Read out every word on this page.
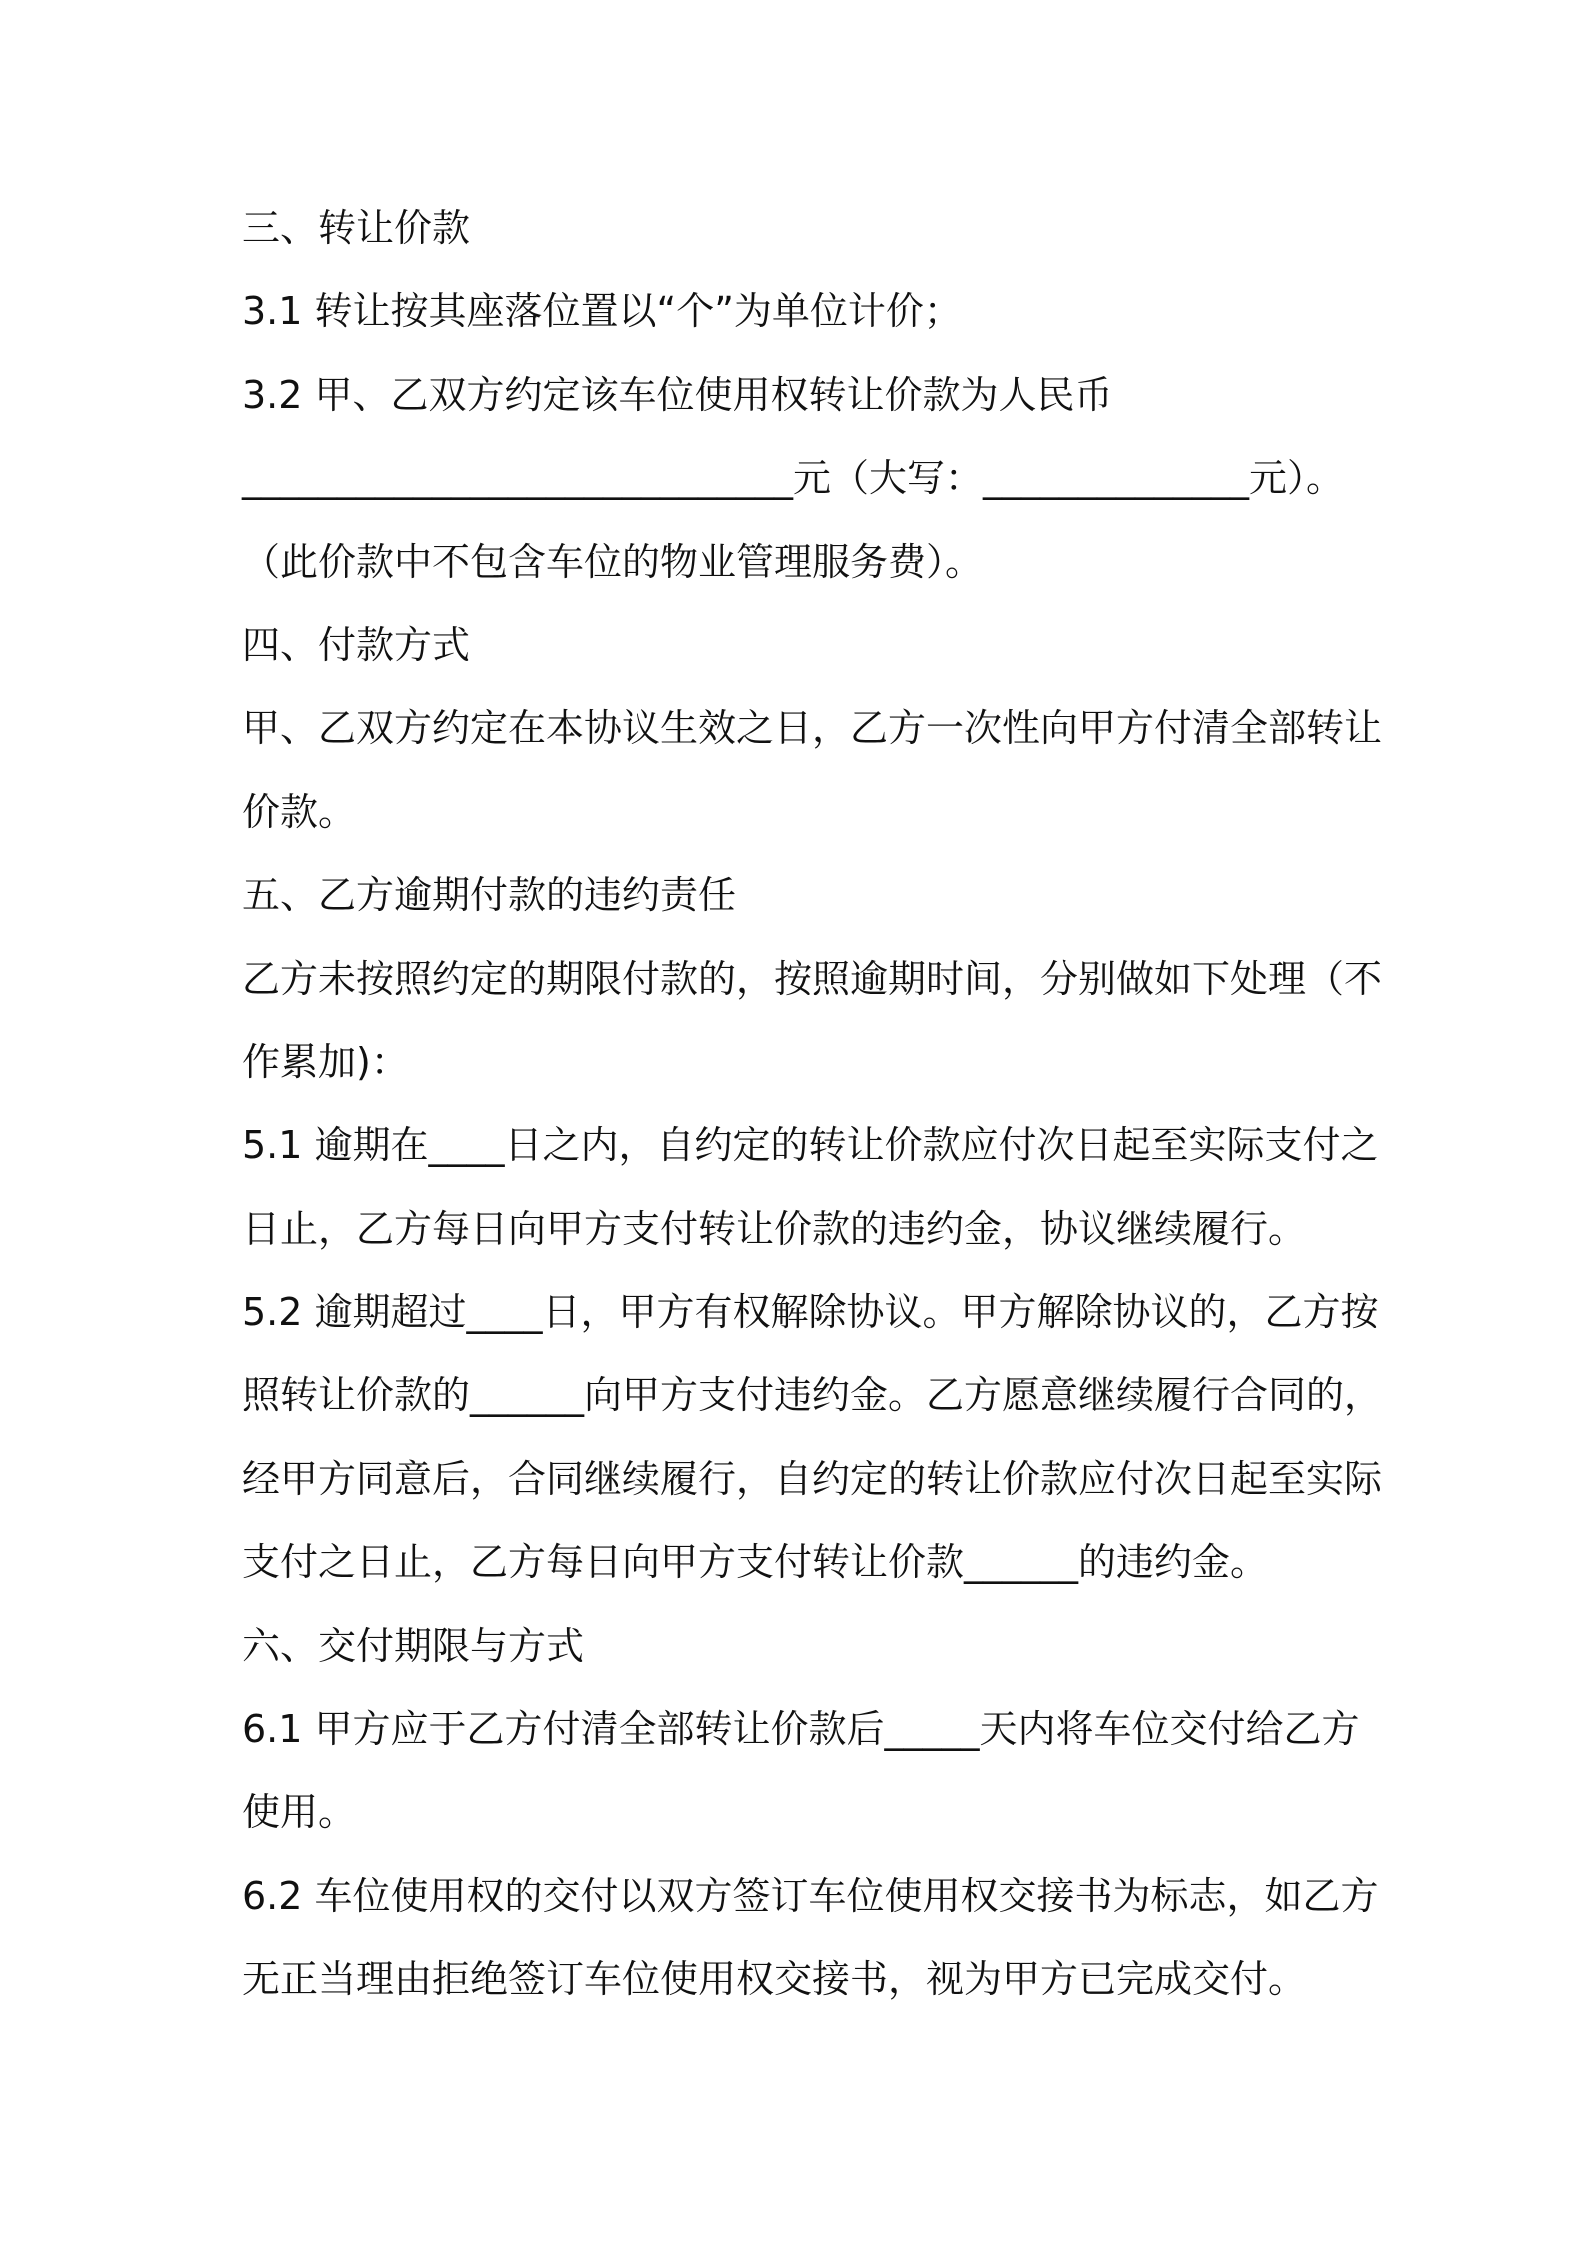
三、转让价款
3.1 转让按其座落位置以“个”为单位计价；
3.2 甲、乙双方约定该车位使用权转让价款为人民币
_____________________________元（大写：______________元）。
（此价款中不包含车位的物业管理服务费）。
四、付款方式
甲、乙双方约定在本协议生效之日，乙方一次性向甲方付清全部转让
价款。
五、乙方逾期付款的违约责任
乙方未按照约定的期限付款的，按照逾期时间，分别做如下处理（不
作累加)：
5.1 逾期在____日之内，自约定的转让价款应付次日起至实际支付之
日止，乙方每日向甲方支付转让价款的违约金，协议继续履行。
5.2 逾期超过____日，甲方有权解除协议。甲方解除协议的，乙方按
照转让价款的______向甲方支付违约金。乙方愿意继续履行合同的，
经甲方同意后，合同继续履行，自约定的转让价款应付次日起至实际
支付之日止，乙方每日向甲方支付转让价款______的违约金。
六、交付期限与方式
6.1 甲方应于乙方付清全部转让价款后_____天内将车位交付给乙方
使用。
6.2 车位使用权的交付以双方签订车位使用权交接书为标志，如乙方
无正当理由拒绝签订车位使用权交接书，视为甲方已完成交付。
